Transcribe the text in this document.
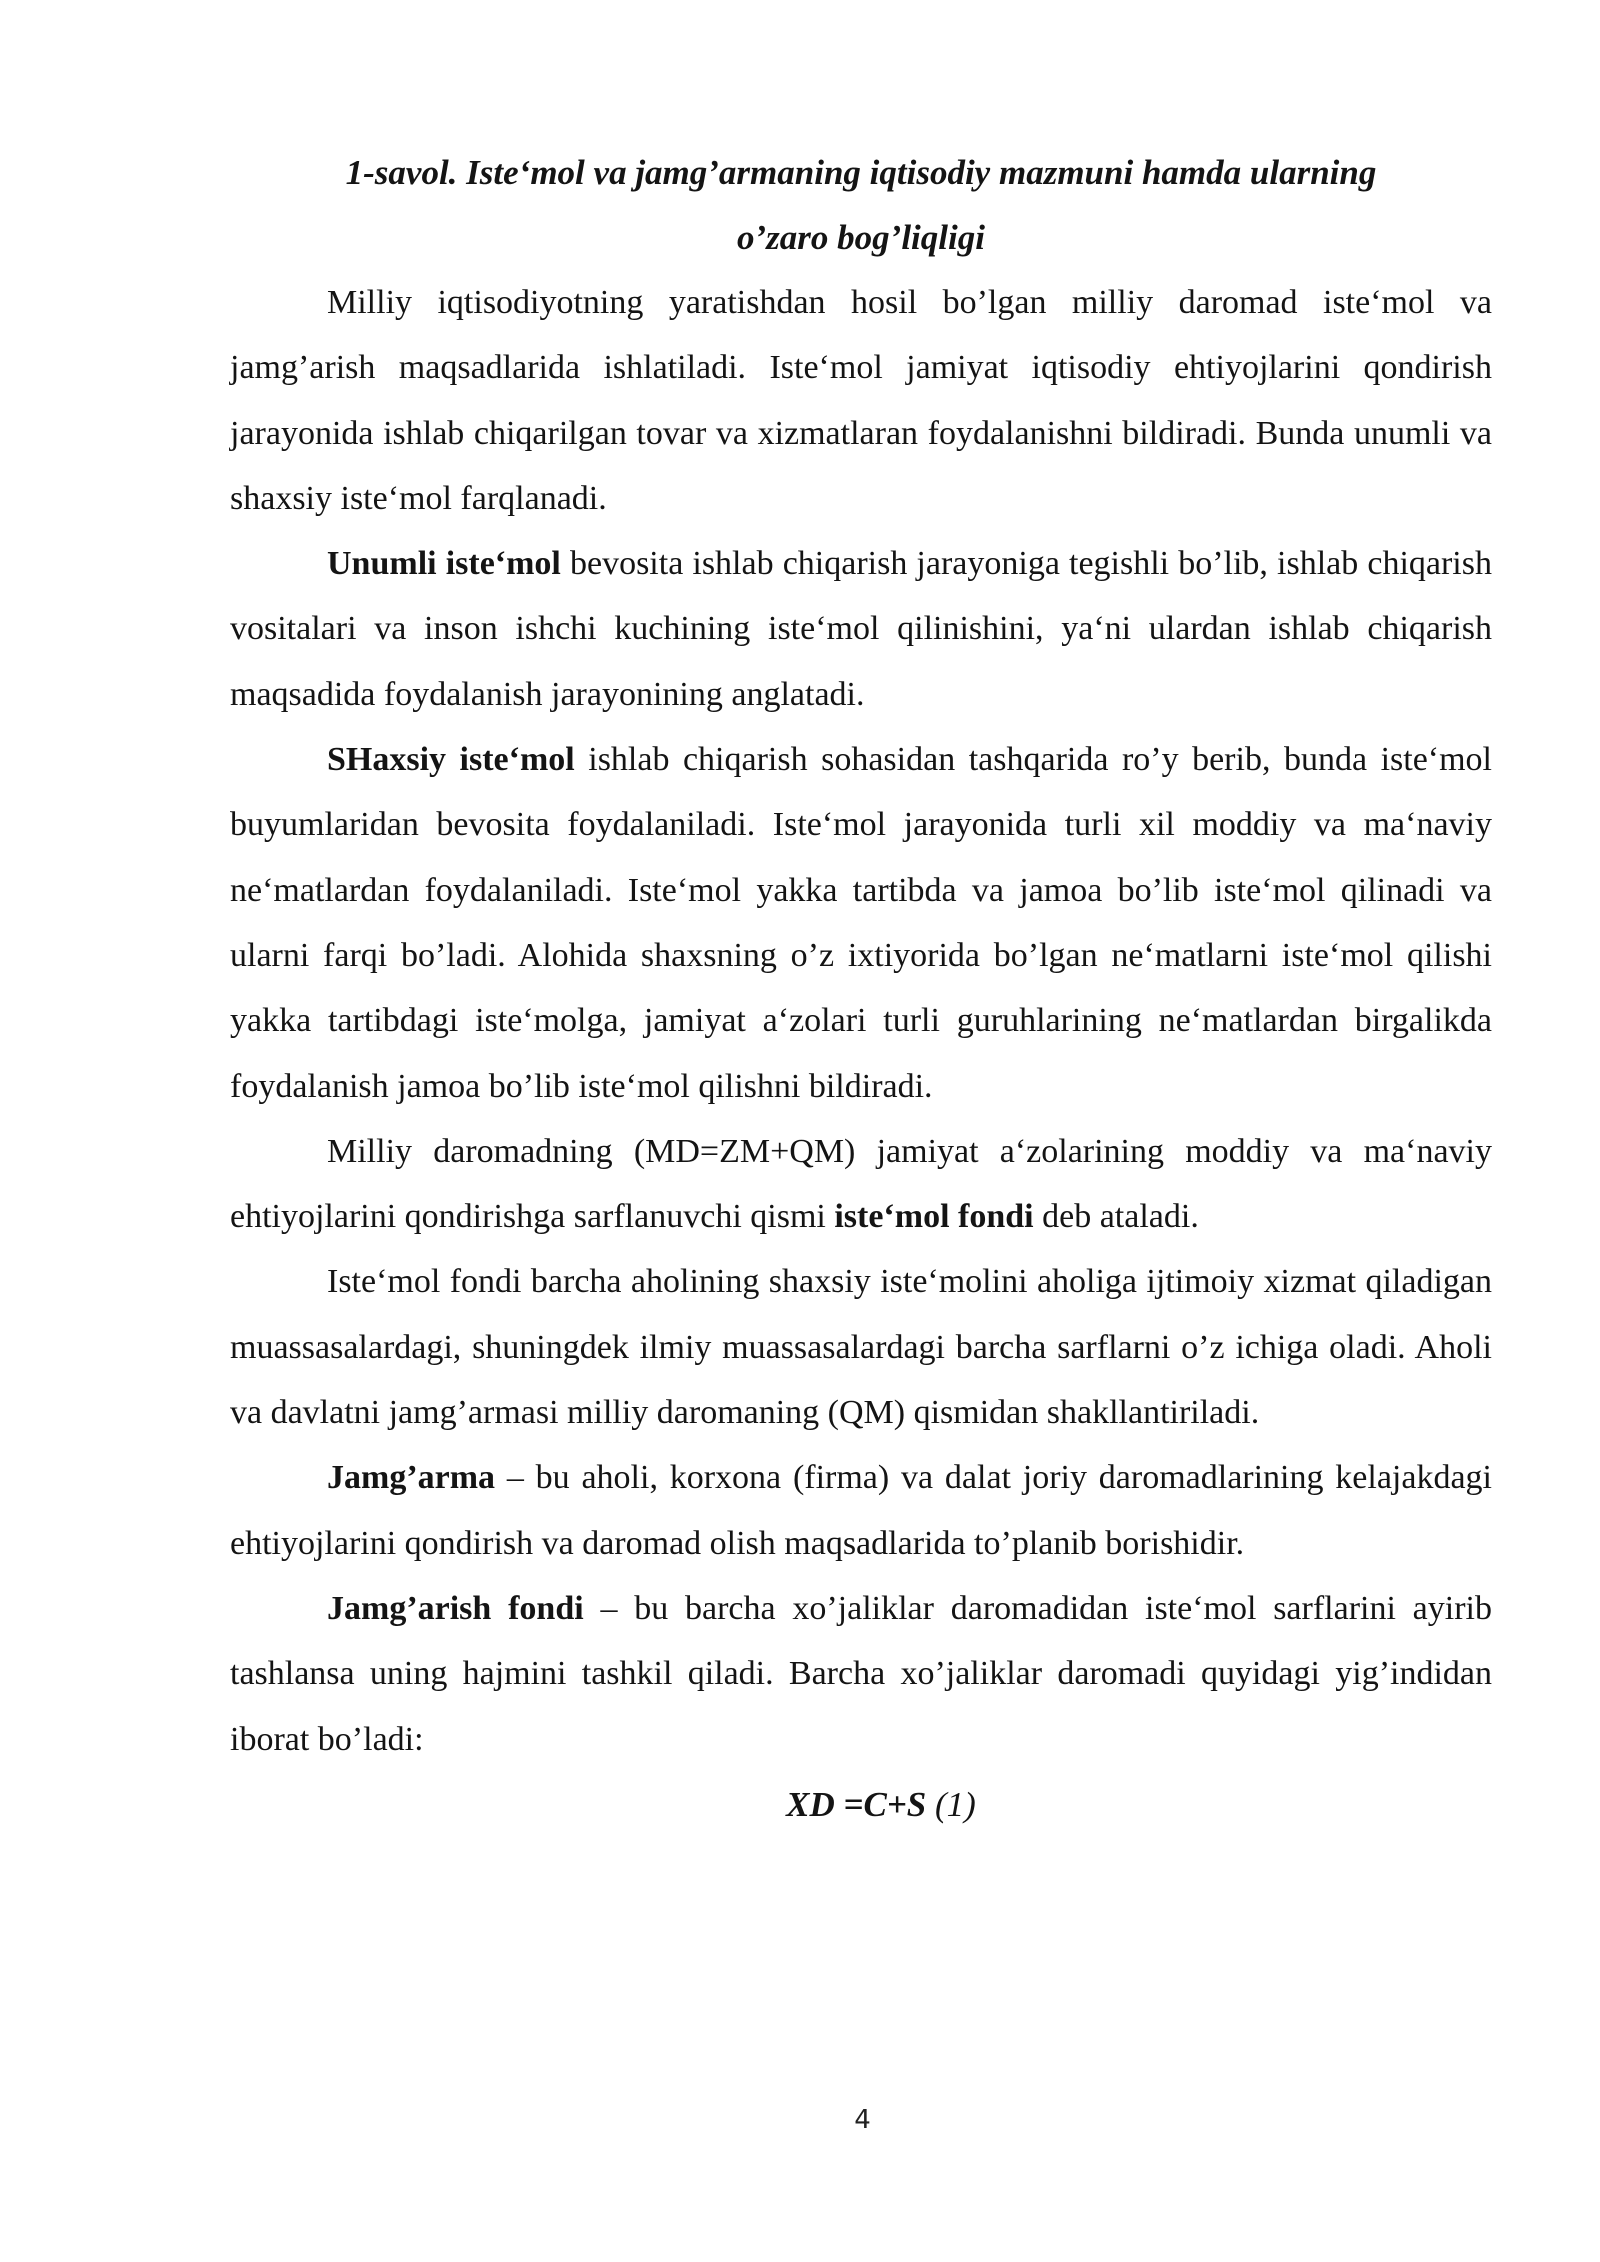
1-savol. Iste‘mol va jamg’armaning iqtisodiy mazmuni hamda ularning
o’zaro bog’liqligi

Milliy iqtisodiyotning yaratishdan hosil bo’lgan milliy daromad iste‘mol va jamg’arish maqsadlarida ishlatiladi. Iste‘mol jamiyat iqtisodiy ehtiyojlarini qondirish jarayonida ishlab chiqarilgan tovar va xizmatlaran foydalanishni bildiradi. Bunda unumli va shaxsiy iste‘mol farqlanadi.

Unumli iste‘mol bevosita ishlab chiqarish jarayoniga tegishli bo’lib, ishlab chiqarish vositalari va inson ishchi kuchining iste‘mol qilinishini, ya‘ni ulardan ishlab chiqarish maqsadida foydalanish jarayonining anglatadi.

SHaxsiy iste‘mol ishlab chiqarish sohasidan tashqarida ro’y berib, bunda iste‘mol buyumlaridan bevosita foydalaniladi. Iste‘mol jarayonida turli xil moddiy va ma‘naviy ne‘matlardan foydalaniladi. Iste‘mol yakka tartibda va jamoa bo’lib iste‘mol qilinadi va ularni farqi bo’ladi. Alohida shaxsning o’z ixtiyorida bo’lgan ne‘matlarni iste‘mol qilishi yakka tartibdagi iste‘molga, jamiyat a‘zolari turli guruhlarining ne‘matlardan birgalikda foydalanish jamoa bo’lib iste‘mol qilishni bildiradi.

Milliy daromadning (MD=ZM+QM) jamiyat a‘zolarining moddiy va ma‘naviy ehtiyojlarini qondirishga sarflanuvchi qismi iste‘mol fondi deb ataladi.

Iste‘mol fondi barcha aholining shaxsiy iste‘molini aholiga ijtimoiy xizmat qiladigan muassasalardagi, shuningdek ilmiy muassasalardagi barcha sarflarni o’z ichiga oladi. Aholi va davlatni jamg’armasi milliy daromaning (QM) qismidan shakllantiriladi.

Jamg’arma – bu aholi, korxona (firma) va dalat joriy daromadlarining kelajakdagi ehtiyojlarini qondirish va daromad olish maqsadlarida to’planib borishidir.

Jamg’arish fondi – bu barcha xo’jaliklar daromadidan iste‘mol sarflarini ayirib tashlansa uning hajmini tashkil qiladi. Barcha xo’jaliklar daromadi quyidagi yig’indidan iborat bo’ladi:

XD =C+S (1)
4
